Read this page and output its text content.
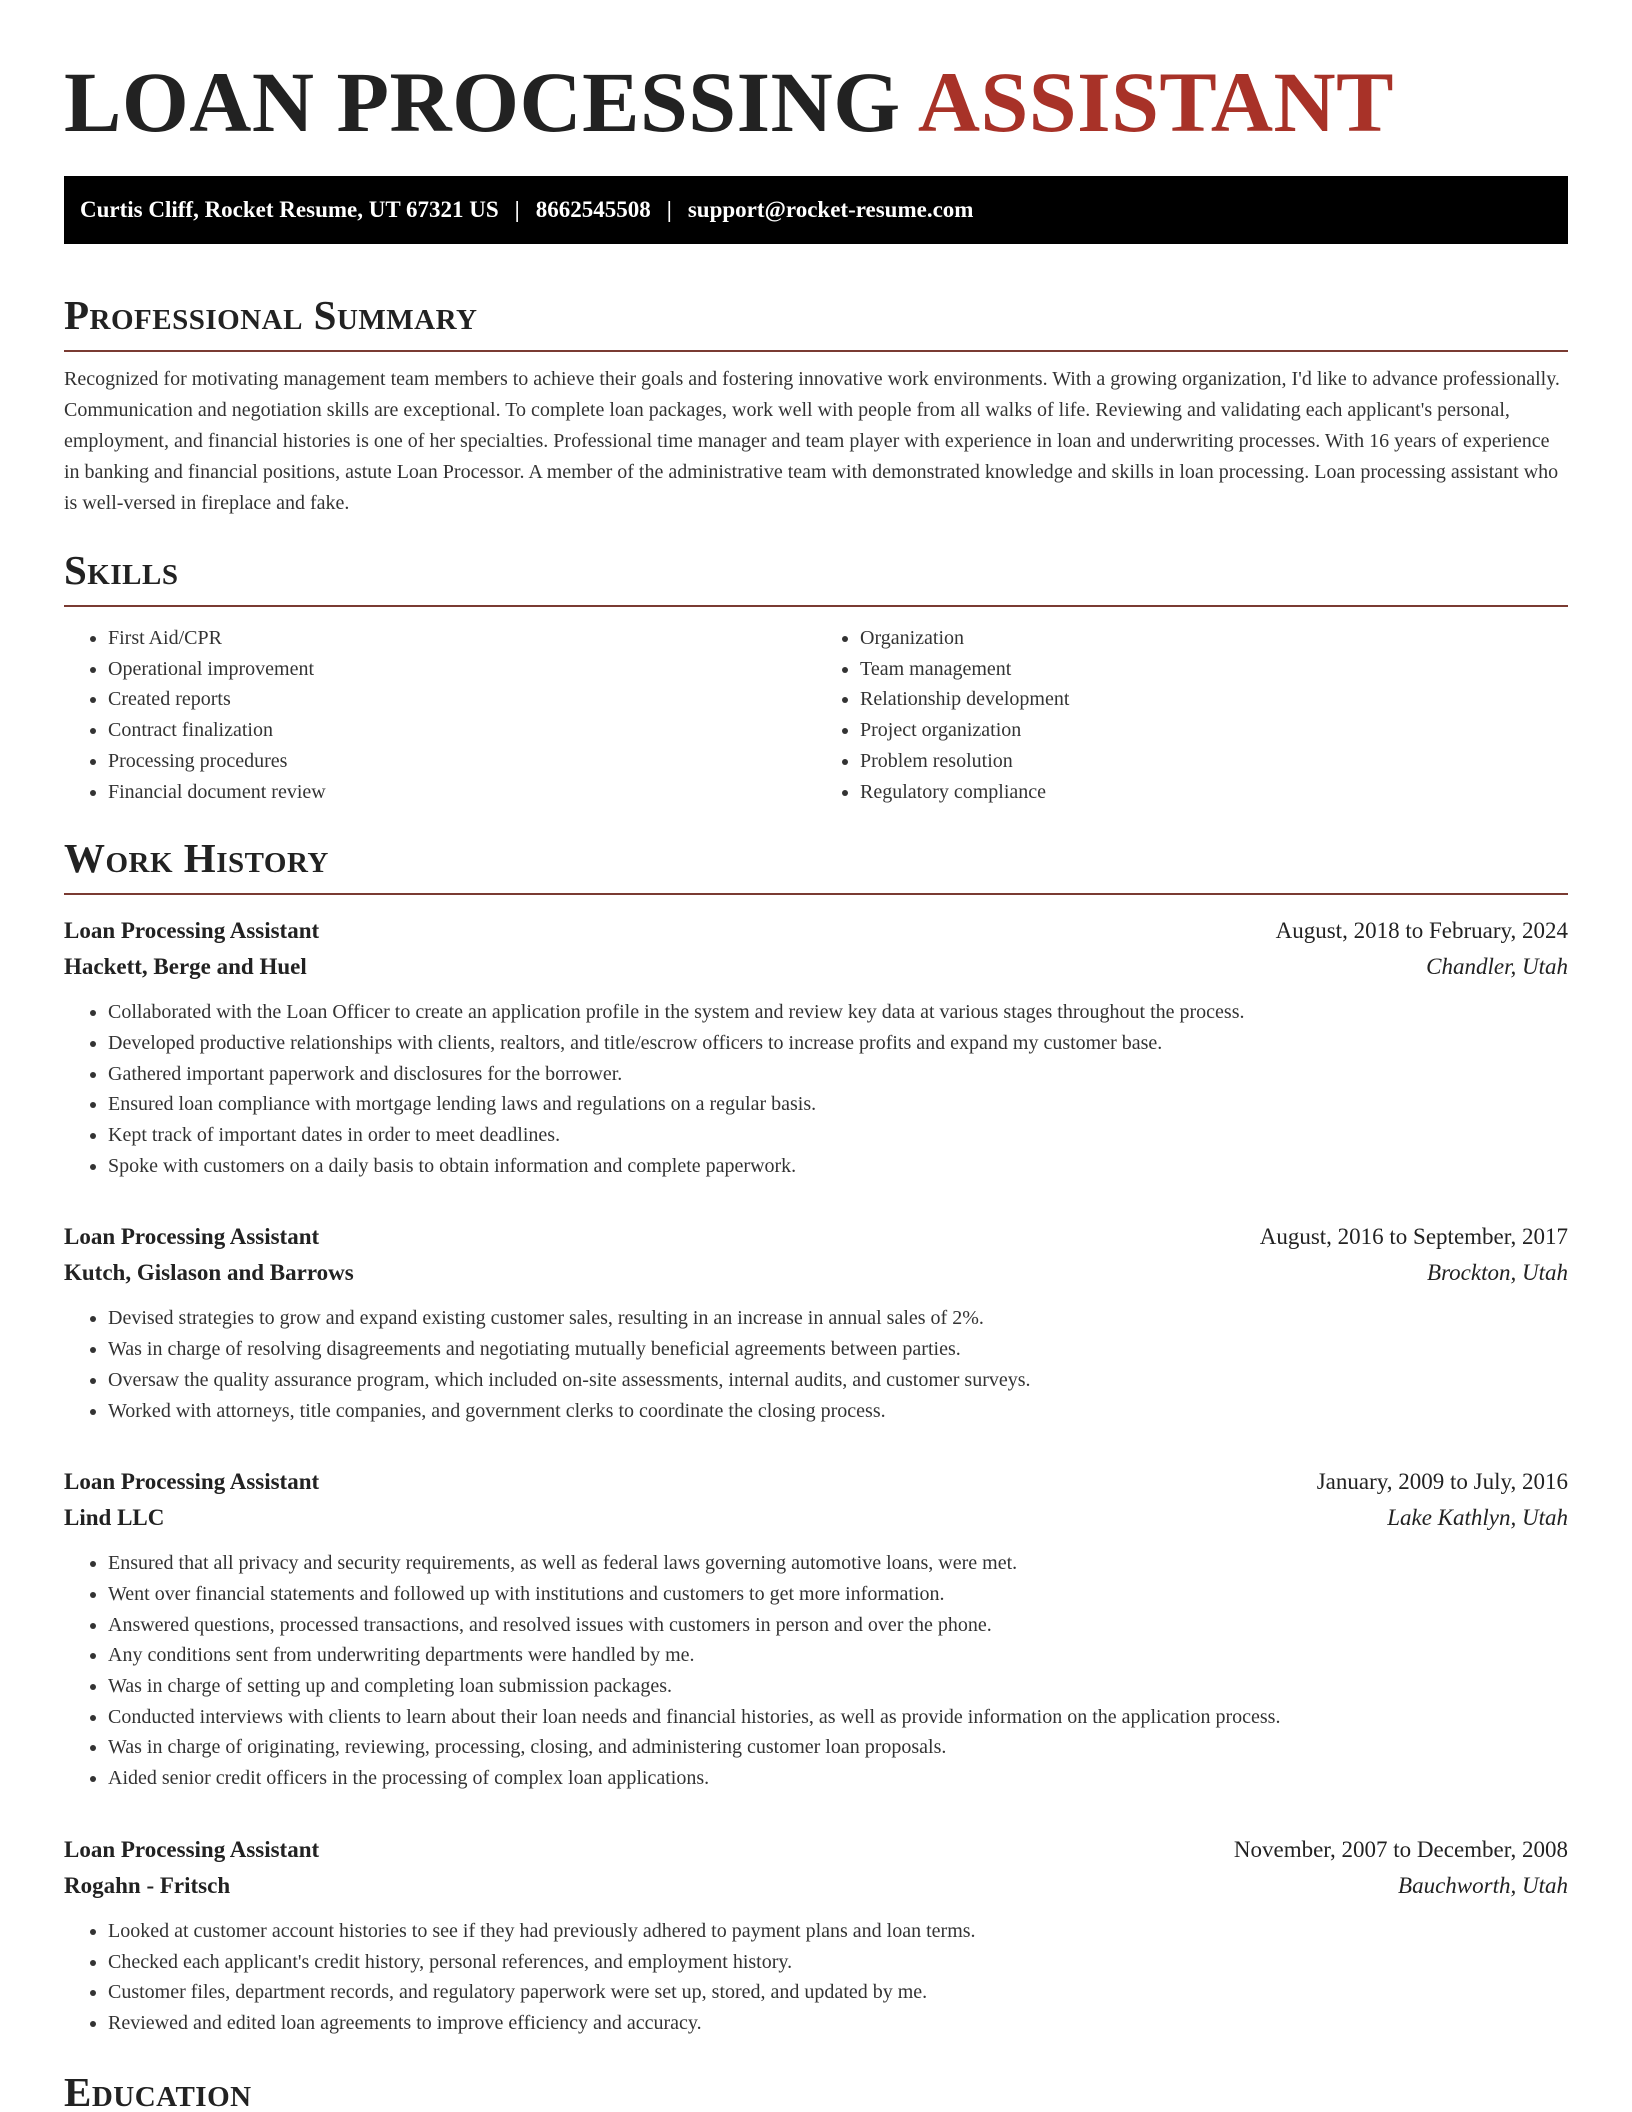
LOAN PROCESSING ASSISTANT
Curtis Cliff, Rocket Resume, UT 67321 US | 8662545508 | support@rocket-resume.com
Professional Summary

Recognized for motivating management team members to achieve their goals and fostering innovative work environments. With a growing organization, I'd like to advance professionally. Communication and negotiation skills are exceptional. To complete loan packages, work well with people from all walks of life. Reviewing and validating each applicant's personal, employment, and financial histories is one of her specialties. Professional time manager and team player with experience in loan and underwriting processes. With 16 years of experience in banking and financial positions, astute Loan Processor. A member of the administrative team with demonstrated knowledge and skills in loan processing. Loan processing assistant who is well-versed in fireplace and fake.

Skills
• First Aid/CPR
• Operational improvement
• Created reports
• Contract finalization
• Processing procedures
• Financial document review
• Organization
• Team management
• Relationship development
• Project organization
• Problem resolution
• Regulatory compliance
Work History
Loan Processing Assistant	August, 2018 to February, 2024
Hackett, Berge and Huel	Chandler, Utah
• Collaborated with the Loan Officer to create an application profile in the system and review key data at various stages throughout the process.
• Developed productive relationships with clients, realtors, and title/escrow officers to increase profits and expand my customer base.
• Gathered important paperwork and disclosures for the borrower.
• Ensured loan compliance with mortgage lending laws and regulations on a regular basis.
• Kept track of important dates in order to meet deadlines.
• Spoke with customers on a daily basis to obtain information and complete paperwork.
Loan Processing Assistant	August, 2016 to September, 2017
Kutch, Gislason and Barrows	Brockton, Utah
• Devised strategies to grow and expand existing customer sales, resulting in an increase in annual sales of 2%.
• Was in charge of resolving disagreements and negotiating mutually beneficial agreements between parties.
• Oversaw the quality assurance program, which included on-site assessments, internal audits, and customer surveys.
• Worked with attorneys, title companies, and government clerks to coordinate the closing process.
Loan Processing Assistant	January, 2009 to July, 2016
Lind LLC	Lake Kathlyn, Utah
• Ensured that all privacy and security requirements, as well as federal laws governing automotive loans, were met.
• Went over financial statements and followed up with institutions and customers to get more information.
• Answered questions, processed transactions, and resolved issues with customers in person and over the phone.
• Any conditions sent from underwriting departments were handled by me.
• Was in charge of setting up and completing loan submission packages.
• Conducted interviews with clients to learn about their loan needs and financial histories, as well as provide information on the application process.
• Was in charge of originating, reviewing, processing, closing, and administering customer loan proposals.
• Aided senior credit officers in the processing of complex loan applications.
Loan Processing Assistant	November, 2007 to December, 2008
Rogahn - Fritsch	Bauchworth, Utah
• Looked at customer account histories to see if they had previously adhered to payment plans and loan terms.
• Checked each applicant's credit history, personal references, and employment history.
• Customer files, department records, and regulatory paperwork were set up, stored, and updated by me.
• Reviewed and edited loan agreements to improve efficiency and accuracy.
Education
